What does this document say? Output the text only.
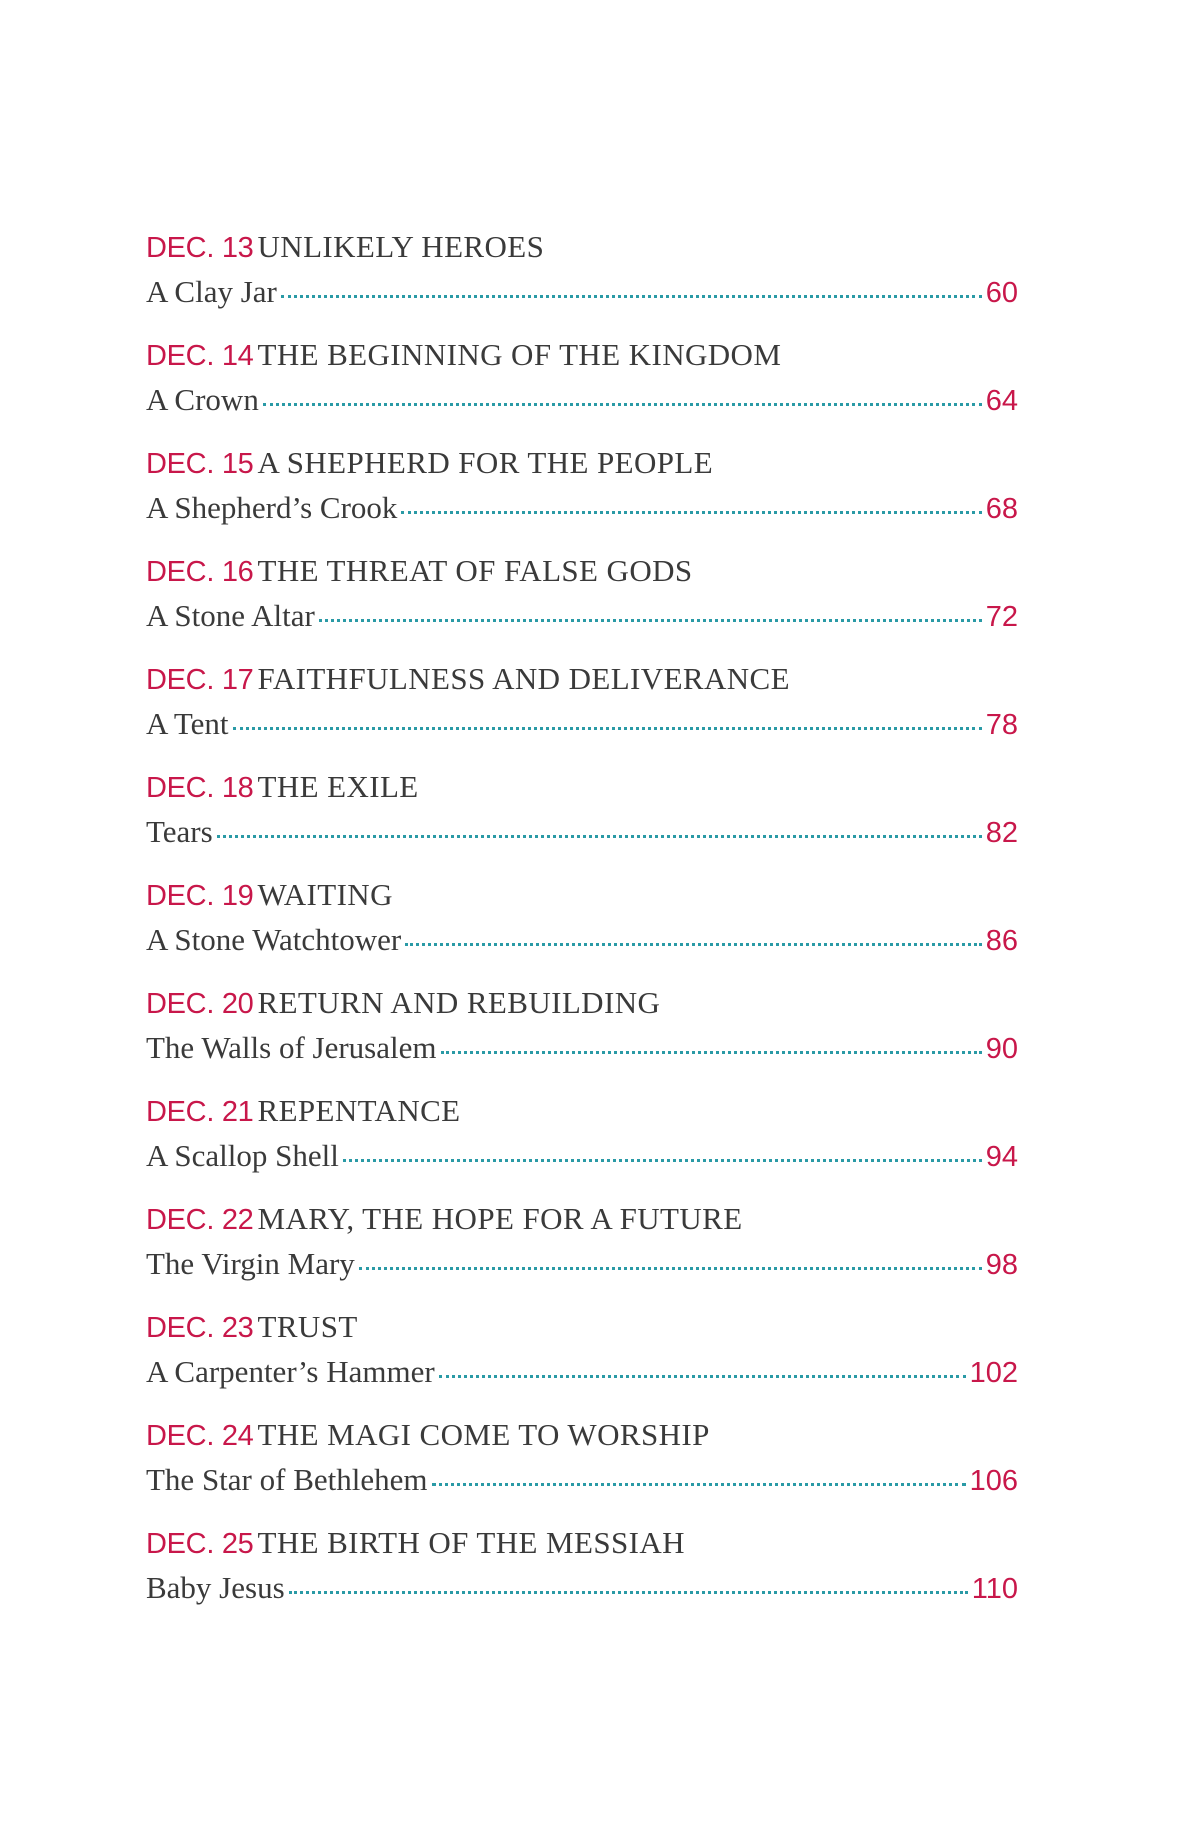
DEC. 13 UNLIKELY HEROES
A Clay Jar	60
DEC. 14 THE BEGINNING OF THE KINGDOM
A Crown	64
DEC. 15 A SHEPHERD FOR THE PEOPLE
A Shepherd’s Crook	68
DEC. 16 THE THREAT OF FALSE GODS
A Stone Altar	72
DEC. 17 FAITHFULNESS AND DELIVERANCE
A Tent	78
DEC. 18 THE EXILE
Tears	82
DEC. 19 WAITING
A Stone Watchtower	86
DEC. 20 RETURN AND REBUILDING
The Walls of Jerusalem	90
DEC. 21 REPENTANCE
A Scallop Shell	94
DEC. 22 MARY, THE HOPE FOR A FUTURE
The Virgin Mary	98
DEC. 23 TRUST
A Carpenter’s Hammer	102
DEC. 24 THE MAGI COME TO WORSHIP
The Star of Bethlehem	106
DEC. 25 THE BIRTH OF THE MESSIAH
Baby Jesus	110
